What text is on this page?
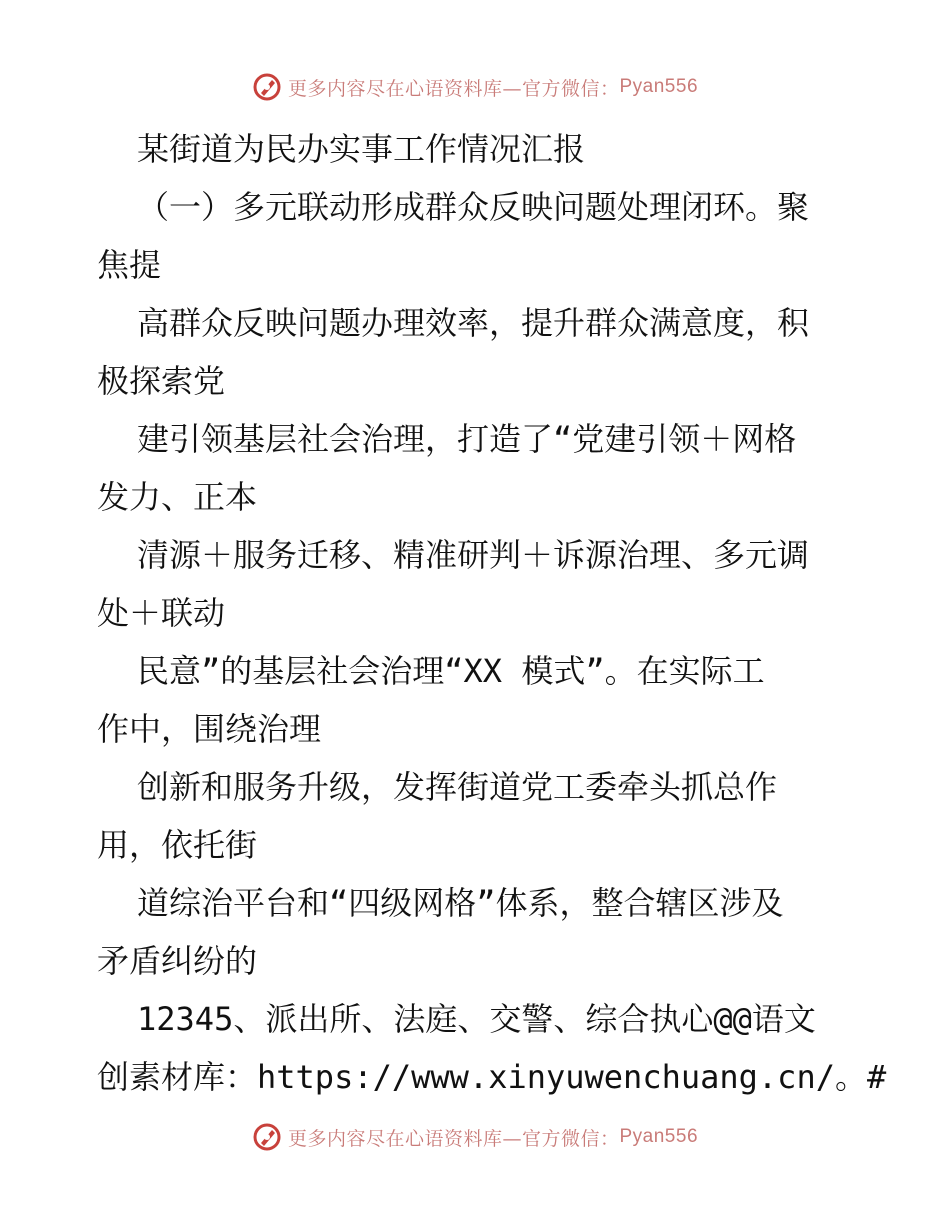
更多内容尽在心语资料库—官方微信： Pyan556
某街道为民办实事工作情况汇报
（一）多元联动形成群众反映问题处理闭环。聚
焦提
高群众反映问题办理效率，提升群众满意度，积
极探索党
建引领基层社会治理，打造了“党建引领＋网格
发力、正本
清源＋服务迁移、精准研判＋诉源治理、多元调
处＋联动
民意”的基层社会治理“XX 模式”。在实际工
作中，围绕治理
创新和服务升级，发挥街道党工委牵头抓总作
用，依托街
道综治平台和“四级网格”体系，整合辖区涉及
矛盾纠纷的
12345、派出所、法庭、交警、综合执心@@语文
创素材库：https://www.xinyuwenchuang.cn/。#
更多内容尽在心语资料库—官方微信： Pyan556
